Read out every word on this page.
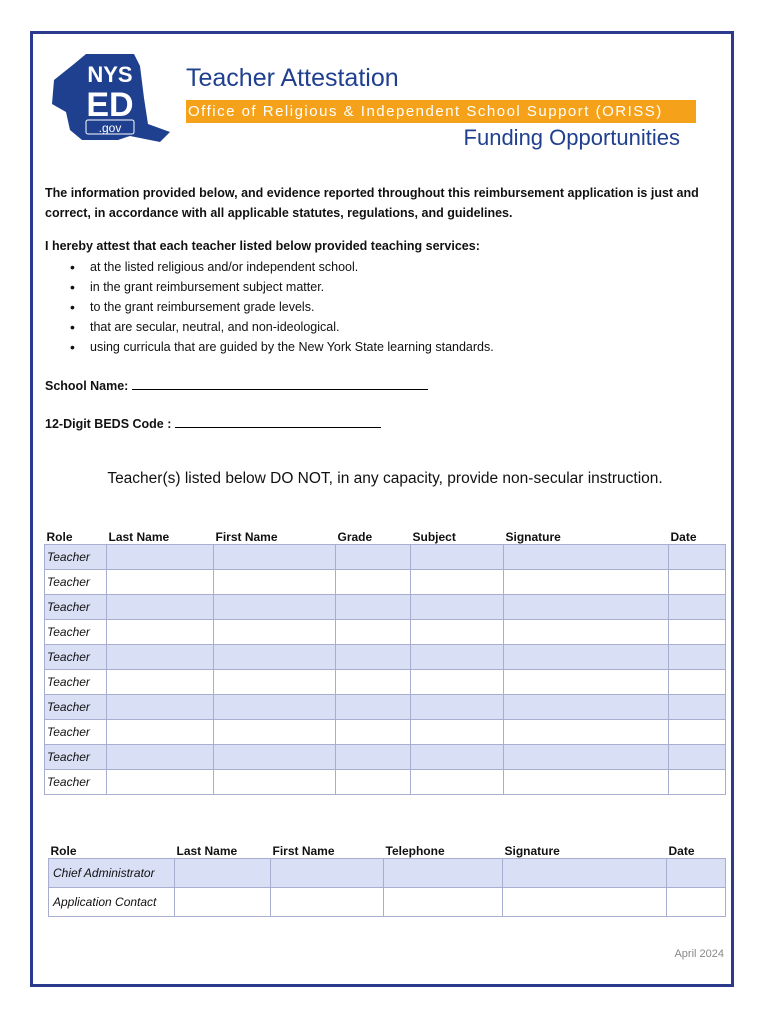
NYS
ED
.gov
Teacher Attestation
Office of Religious & Independent School Support (ORISS)
Funding Opportunities
The information provided below, and evidence reported throughout this reimbursement application is just and correct, in accordance with all applicable statutes, regulations, and guidelines.
I hereby attest that each teacher listed below provided teaching services:
• at the listed religious and/or independent school.
• in the grant reimbursement subject matter.
• to the grant reimbursement grade levels.
• that are secular, neutral, and non-ideological.
• using curricula that are guided by the New York State learning standards.
School Name:
12-Digit BEDS Code :
Teacher(s) listed below DO NOT, in any capacity, provide non-secular instruction.
Role	Last Name	First Name	Grade	Subject	Signature	Date
Teacher						
Teacher						
Teacher						
Teacher						
Teacher						
Teacher						
Teacher						
Teacher						
Teacher						
Teacher						
Role	Last Name	First Name	Telephone	Signature	Date
Chief Administrator					
Application Contact					
April 2024
